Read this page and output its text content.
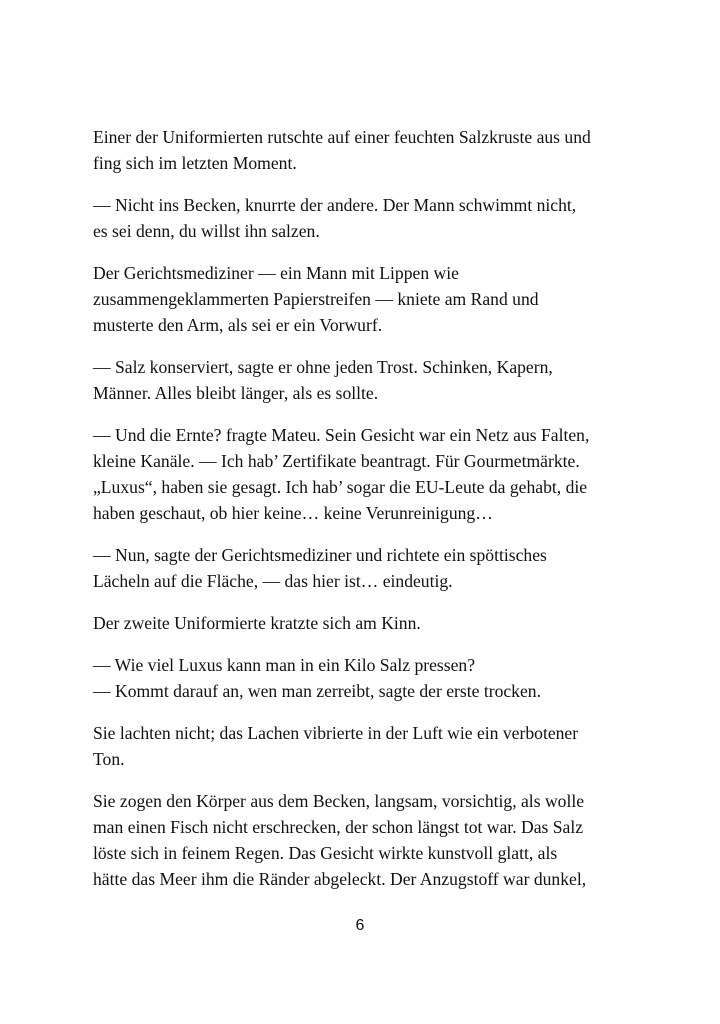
Einer der Uniformierten rutschte auf einer feuchten Salzkruste aus und
fing sich im letzten Moment.

— Nicht ins Becken, knurrte der andere. Der Mann schwimmt nicht,
es sei denn, du willst ihn salzen.

Der Gerichtsmediziner — ein Mann mit Lippen wie
zusammengeklammerten Papierstreifen — kniete am Rand und
musterte den Arm, als sei er ein Vorwurf.

— Salz konserviert, sagte er ohne jeden Trost. Schinken, Kapern,
Männer. Alles bleibt länger, als es sollte.

— Und die Ernte? fragte Mateu. Sein Gesicht war ein Netz aus Falten,
kleine Kanäle. — Ich hab’ Zertifikate beantragt. Für Gourmetmärkte.
„Luxus“, haben sie gesagt. Ich hab’ sogar die EU-Leute da gehabt, die
haben geschaut, ob hier keine… keine Verunreinigung…

— Nun, sagte der Gerichtsmediziner und richtete ein spöttisches
Lächeln auf die Fläche, — das hier ist… eindeutig.

Der zweite Uniformierte kratzte sich am Kinn.

— Wie viel Luxus kann man in ein Kilo Salz pressen?
— Kommt darauf an, wen man zerreibt, sagte der erste trocken.

Sie lachten nicht; das Lachen vibrierte in der Luft wie ein verbotener
Ton.

Sie zogen den Körper aus dem Becken, langsam, vorsichtig, als wolle
man einen Fisch nicht erschrecken, der schon längst tot war. Das Salz
löste sich in feinem Regen. Das Gesicht wirkte kunstvoll glatt, als
hätte das Meer ihm die Ränder abgeleckt. Der Anzugstoff war dunkel,

6
